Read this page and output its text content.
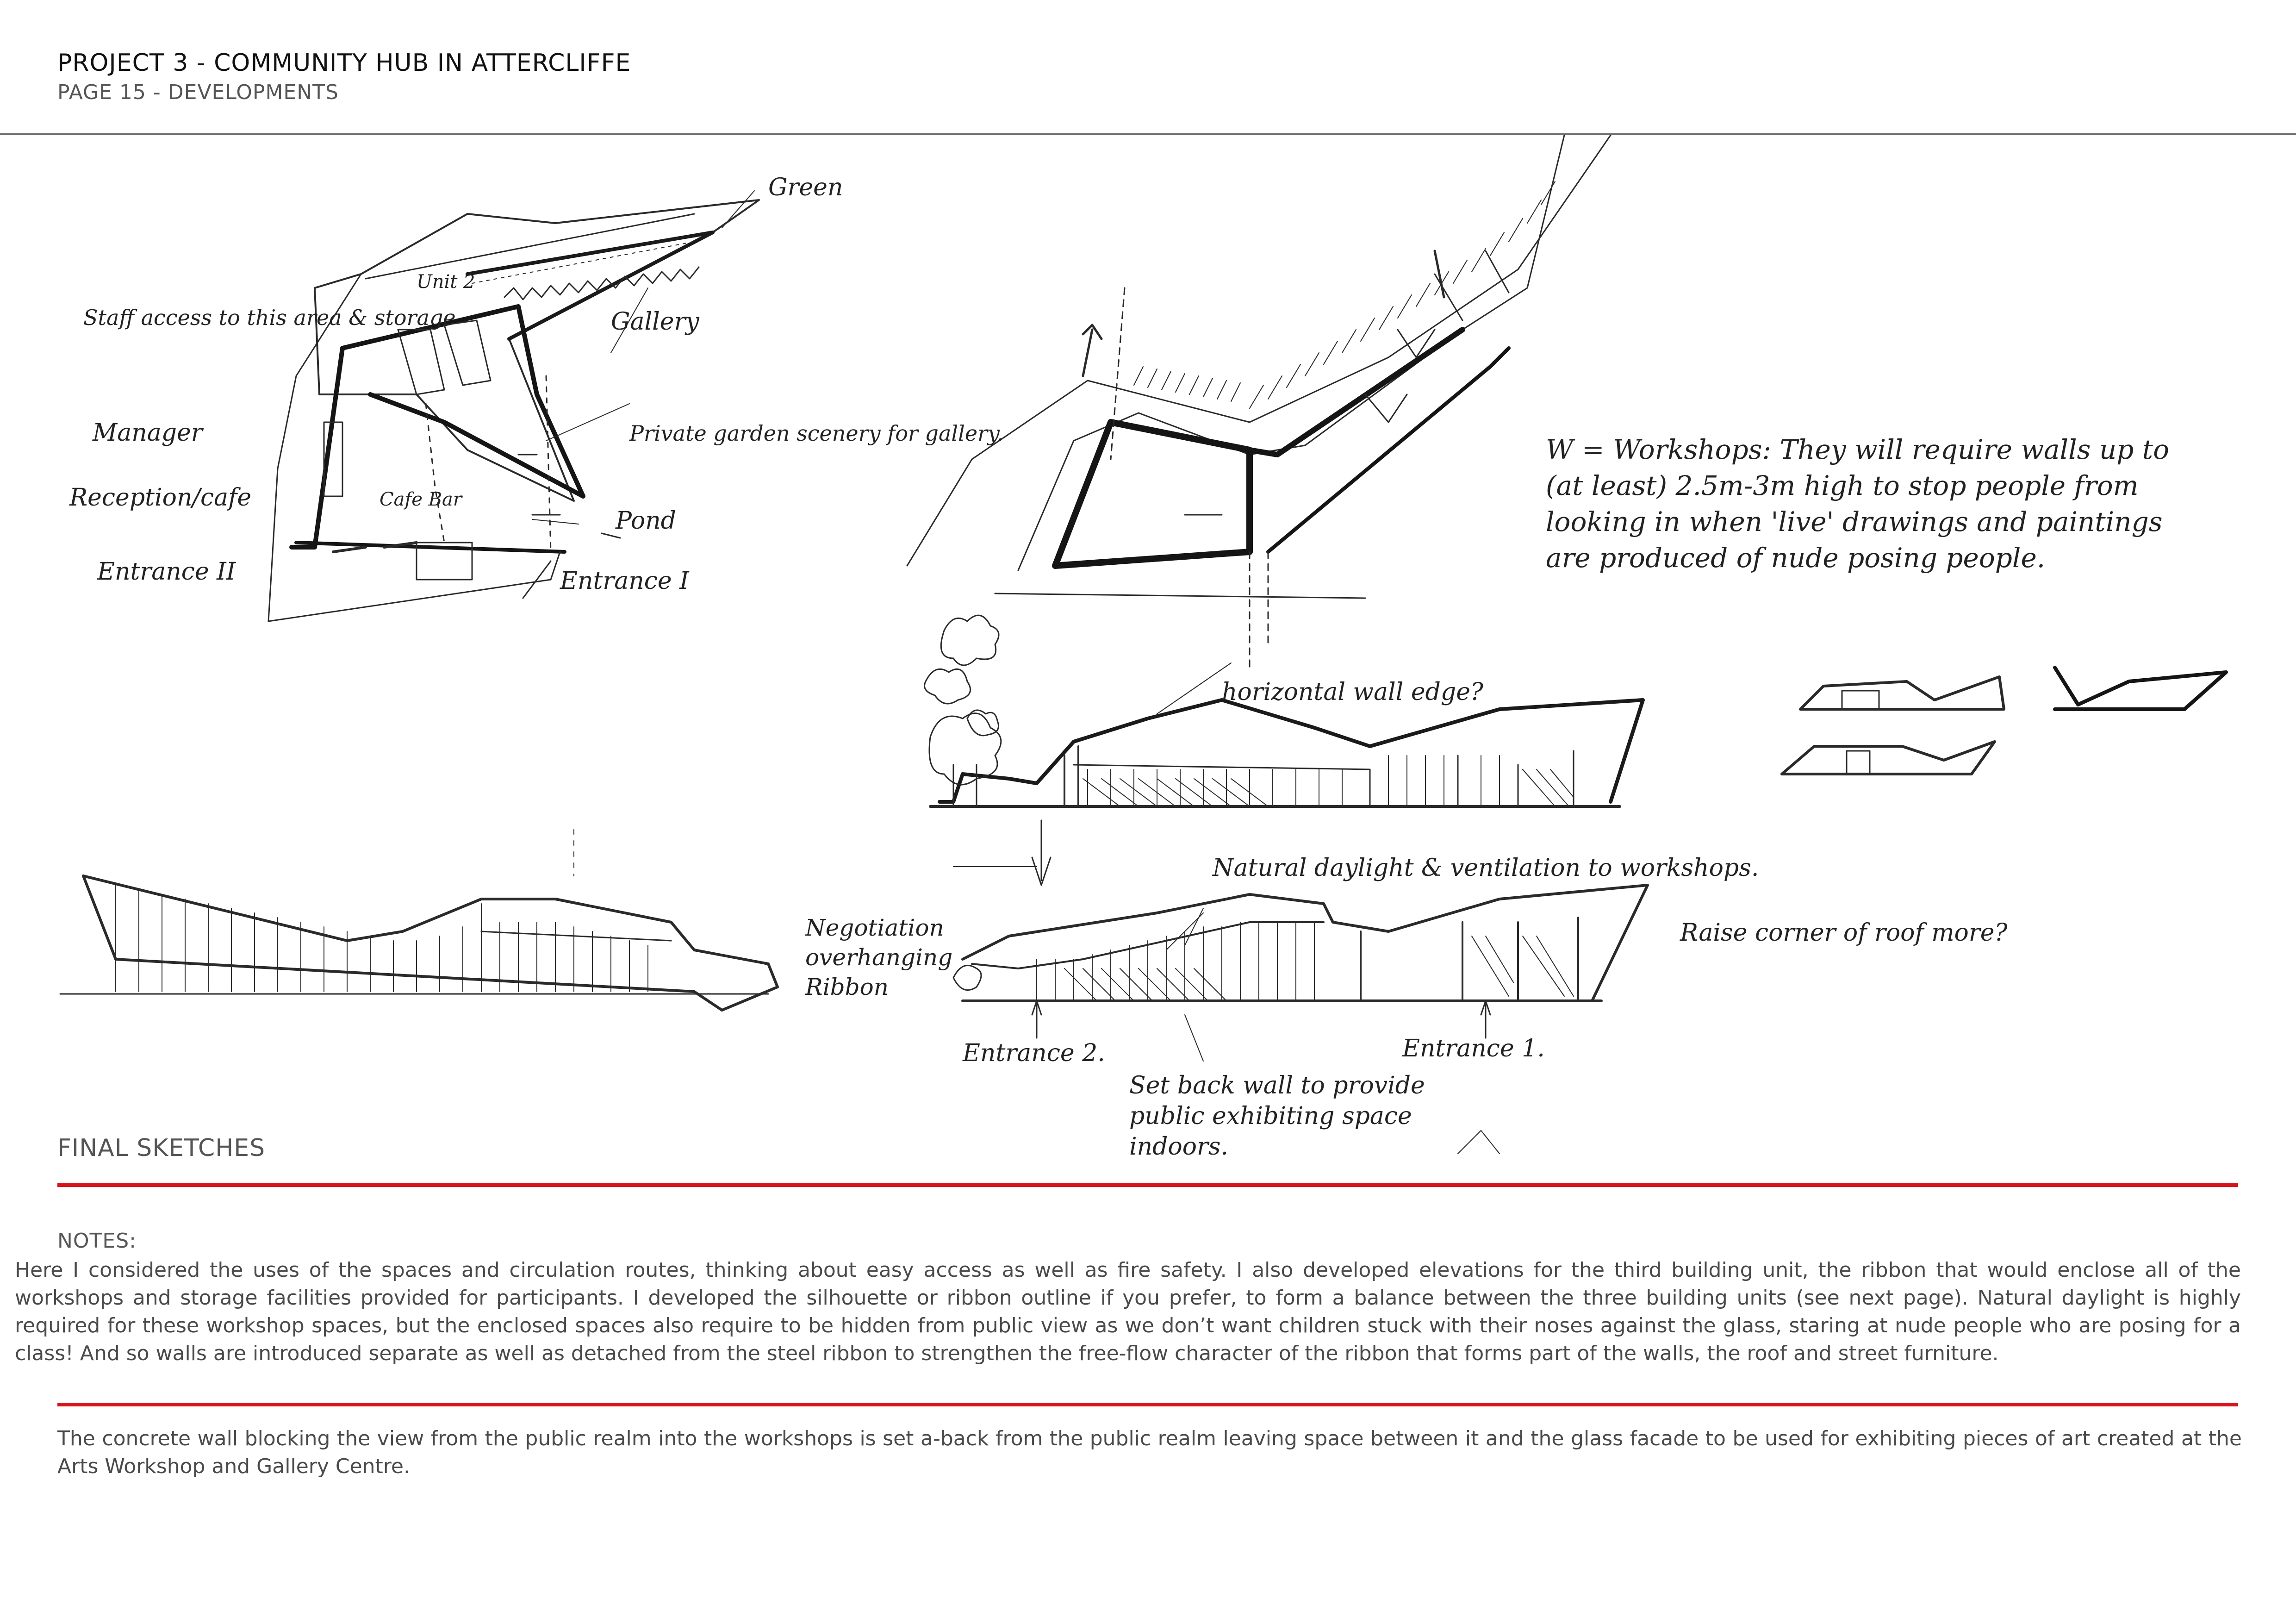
PROJECT 3 - COMMUNITY HUB IN ATTERCLIFFE
PAGE 15 - DEVELOPMENTS
Green
Unit 2
Gallery
Staff access to this area & storage
Manager
Reception/cafe	Cafe Bar
Private garden scenery for gallery.
Pond
Entrance II	Entrance I
W = Workshops: They will require walls up to (at least) 2.5m-3m high to stop people from looking in when 'live' drawings and paintings are produced of nude posing people.
horizontal wall edge?
Natural daylight & ventilation to workshops.
Raise corner of roof more?
Negotiation overhanging Ribbon
Entrance 2.	Entrance 1.
Set back wall to provide public exhibiting space indoors.
FINAL SKETCHES
NOTES:
Here I considered the uses of the spaces and circulation routes, thinking about easy access as well as fire safety. I also developed elevations for the third building unit, the ribbon that would enclose all of the workshops and storage facilities provided for participants. I developed the silhouette or ribbon outline if you prefer, to form a balance between the three building units (see next page). Natural daylight is highly required for these workshop spaces, but the enclosed spaces also require to be hidden from public view as we don’t want children stuck with their noses against the glass, staring at nude people who are posing for a class! And so walls are introduced separate as well as detached from the steel ribbon to strengthen the free-flow character of the ribbon that forms part of the walls, the roof and street furniture.
The concrete wall blocking the view from the public realm into the workshops is set a-back from the public realm leaving space between it and the glass facade to be used for exhibiting pieces of art created at the Arts Workshop and Gallery Centre.
